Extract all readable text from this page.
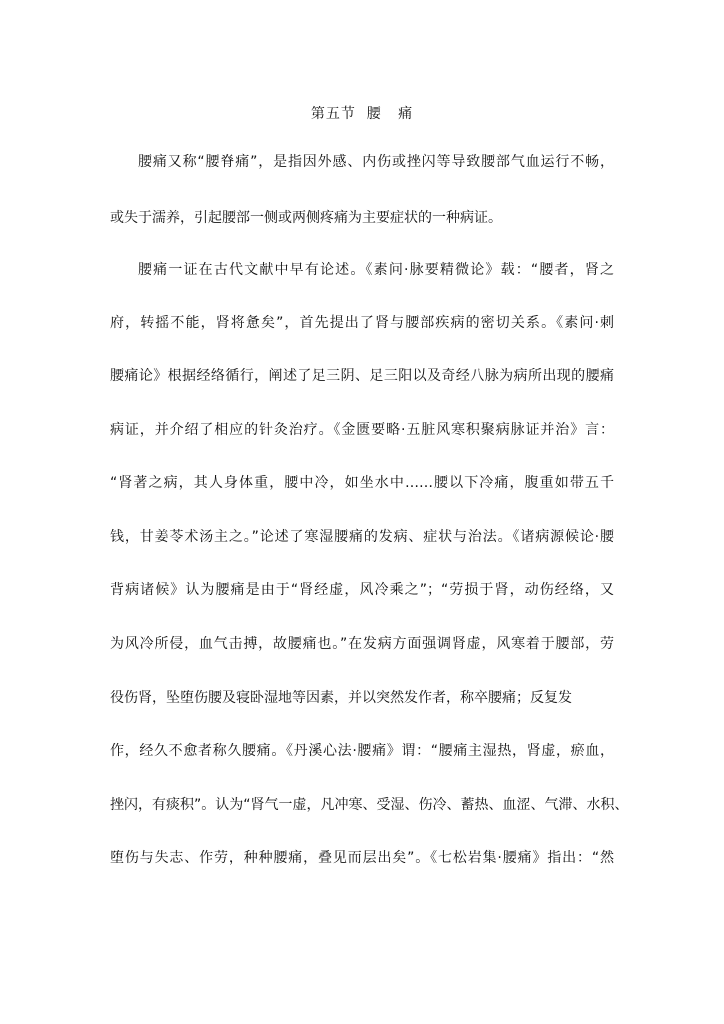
第五节  腰   痛
腰痛又称“腰脊痛”，是指因外感、内伤或挫闪等导致腰部气血运行不畅，
或失于濡养，引起腰部一侧或两侧疼痛为主要症状的一种病证。
腰痛一证在古代文献中早有论述。《素问·脉要精微论》载：“腰者，肾之
府，转摇不能，肾将惫矣”，首先提出了肾与腰部疾病的密切关系。《素问·刺
腰痛论》根据经络循行，阐述了足三阴、足三阳以及奇经八脉为病所出现的腰痛
病证，并介绍了相应的针灸治疗。《金匮要略·五脏风寒积聚病脉证并治》言：
“肾著之病，其人身体重，腰中冷，如坐水中……腰以下冷痛，腹重如带五千
钱，甘姜苓术汤主之。”论述了寒湿腰痛的发病、症状与治法。《诸病源候论·腰
背病诸候》认为腰痛是由于“肾经虚，风冷乘之”；“劳损于肾，动伤经络，又
为风冷所侵，血气击搏，故腰痛也。”在发病方面强调肾虚，风寒着于腰部，劳
役伤肾，坠堕伤腰及寝卧湿地等因素，并以突然发作者，称卒腰痛；反复发
作，经久不愈者称久腰痛。《丹溪心法·腰痛》谓：“腰痛主湿热，肾虚，瘀血，
挫闪，有痰积”。认为“肾气一虚，凡冲寒、受湿、伤冷、蓄热、血涩、气滞、水积、
堕伤与失志、作劳，种种腰痛，叠见而层出矣”。《七松岩集·腰痛》指出：“然
